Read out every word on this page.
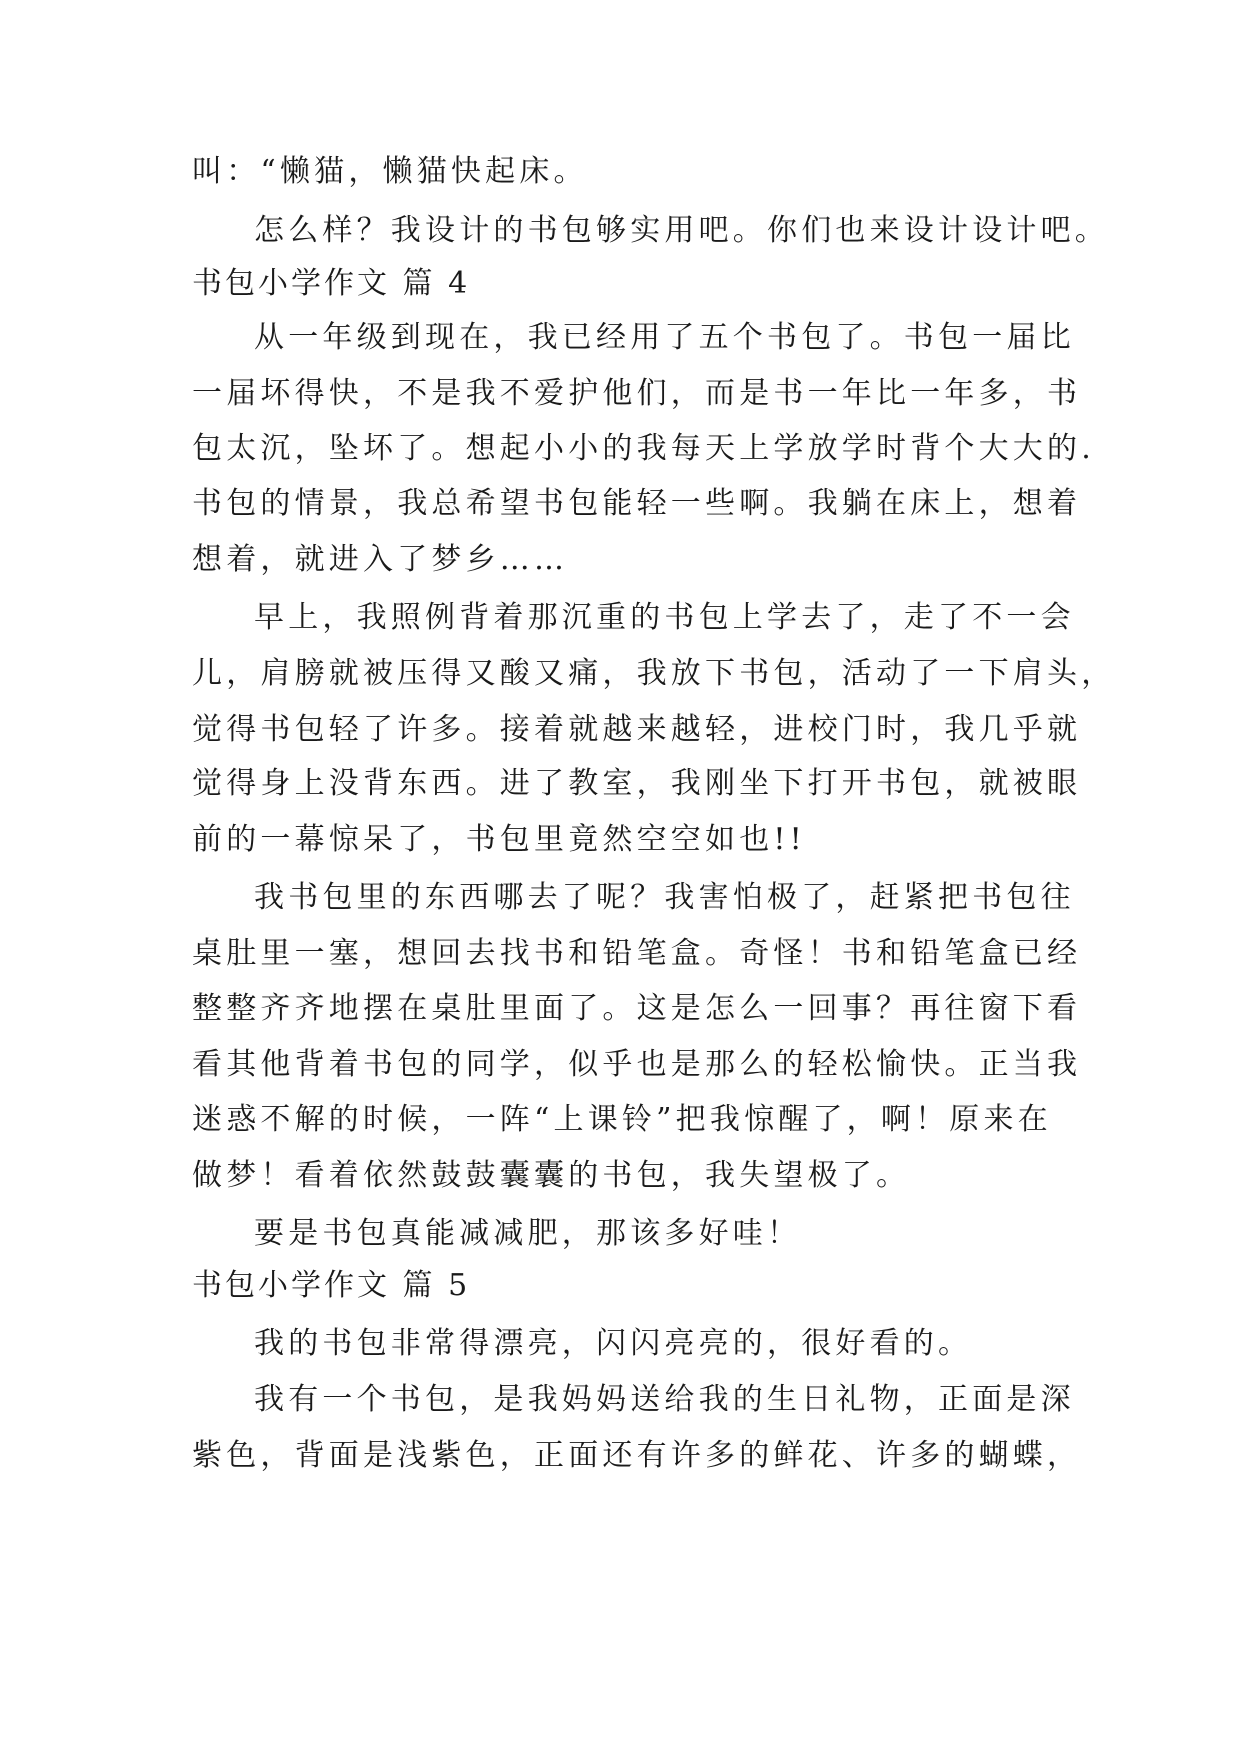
叫：“懒猫，懒猫快起床。

怎么样？我设计的书包够实用吧。你们也来设计设计吧。

书包小学作文 篇 4

从一年级到现在，我已经用了五个书包了。书包一届比

一届坏得快，不是我不爱护他们，而是书一年比一年多，书

包太沉，坠坏了。想起小小的我每天上学放学时背个大大的.

书包的情景，我总希望书包能轻一些啊。我躺在床上，想着

想着，就进入了梦乡……

早上，我照例背着那沉重的书包上学去了，走了不一会

儿，肩膀就被压得又酸又痛，我放下书包，活动了一下肩头，

觉得书包轻了许多。接着就越来越轻，进校门时，我几乎就

觉得身上没背东西。进了教室，我刚坐下打开书包，就被眼

前的一幕惊呆了，书包里竟然空空如也!!

我书包里的东西哪去了呢？我害怕极了，赶紧把书包往

桌肚里一塞，想回去找书和铅笔盒。奇怪！书和铅笔盒已经

整整齐齐地摆在桌肚里面了。这是怎么一回事？再往窗下看

看其他背着书包的同学，似乎也是那么的轻松愉快。正当我

迷惑不解的时候，一阵“上课铃”把我惊醒了，啊！原来在

做梦！看着依然鼓鼓囊囊的书包，我失望极了。

要是书包真能减减肥，那该多好哇！

书包小学作文 篇 5

我的书包非常得漂亮，闪闪亮亮的，很好看的。

我有一个书包，是我妈妈送给我的生日礼物，正面是深

紫色，背面是浅紫色，正面还有许多的鲜花、许多的蝴蝶，
